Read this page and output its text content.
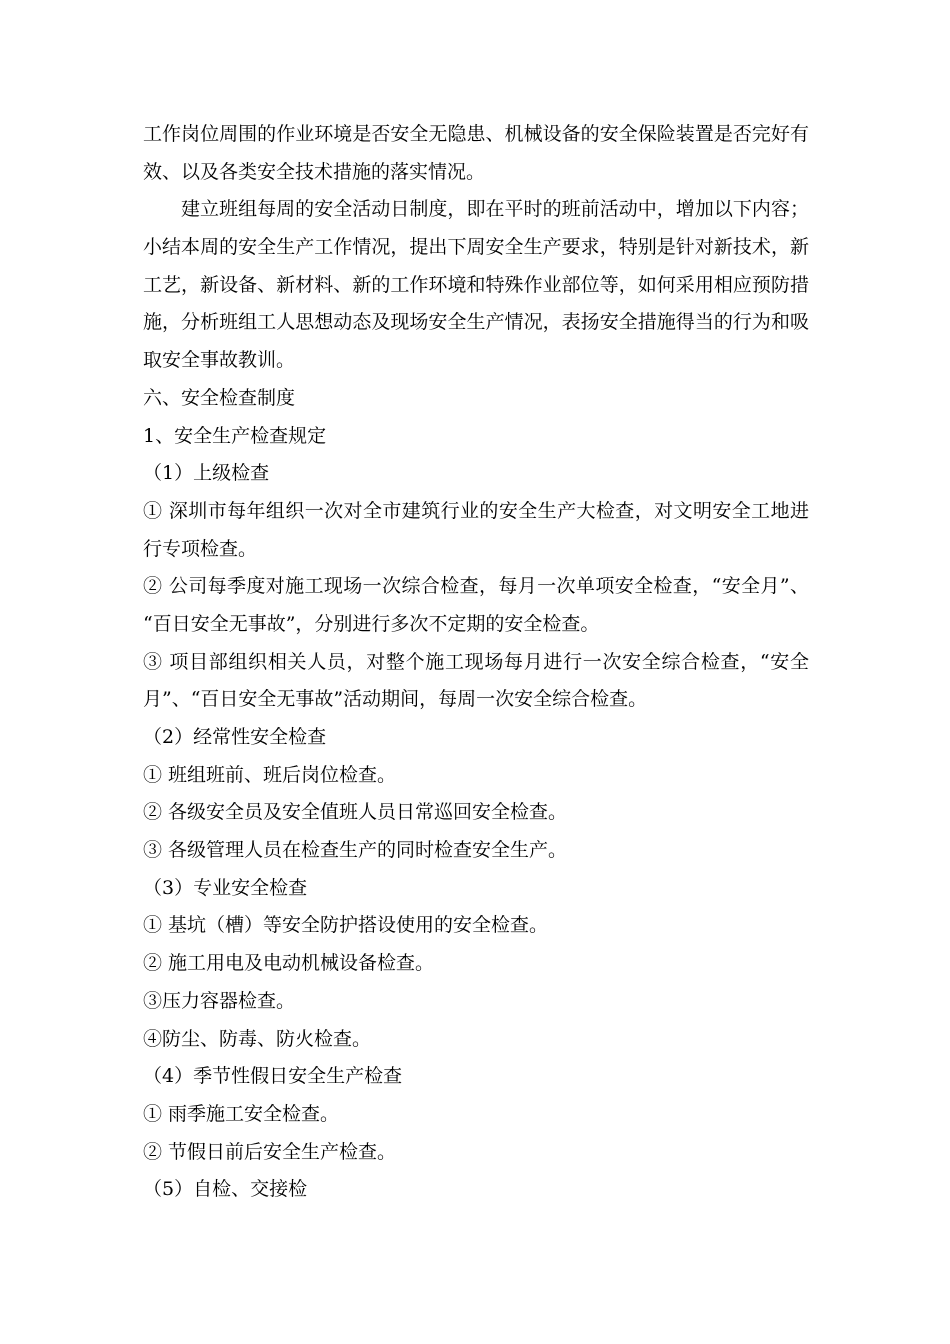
工作岗位周围的作业环境是否安全无隐患、机械设备的安全保险装置是否完好有
效、以及各类安全技术措施的落实情况。
建立班组每周的安全活动日制度，即在平时的班前活动中，增加以下内容；
小结本周的安全生产工作情况，提出下周安全生产要求，特别是针对新技术，新
工艺，新设备、新材料、新的工作环境和特殊作业部位等，如何采用相应预防措
施，分析班组工人思想动态及现场安全生产情况，表扬安全措施得当的行为和吸
取安全事故教训。
六、安全检查制度
1、安全生产检查规定
（1）上级检查
① 深圳市每年组织一次对全市建筑行业的安全生产大检查，对文明安全工地进
行专项检查。
② 公司每季度对施工现场一次综合检查，每月一次单项安全检查，“安全月”、
“百日安全无事故”，分别进行多次不定期的安全检查。
③ 项目部组织相关人员，对整个施工现场每月进行一次安全综合检查，“安全
月”、“百日安全无事故”活动期间，每周一次安全综合检查。
（2）经常性安全检查
① 班组班前、班后岗位检查。
② 各级安全员及安全值班人员日常巡回安全检查。
③ 各级管理人员在检查生产的同时检查安全生产。
（3）专业安全检查
① 基坑（槽）等安全防护搭设使用的安全检查。
② 施工用电及电动机械设备检查。
③压力容器检查。
④防尘、防毒、防火检查。
（4）季节性假日安全生产检查
① 雨季施工安全检查。
② 节假日前后安全生产检查。
（5）自检、交接检
